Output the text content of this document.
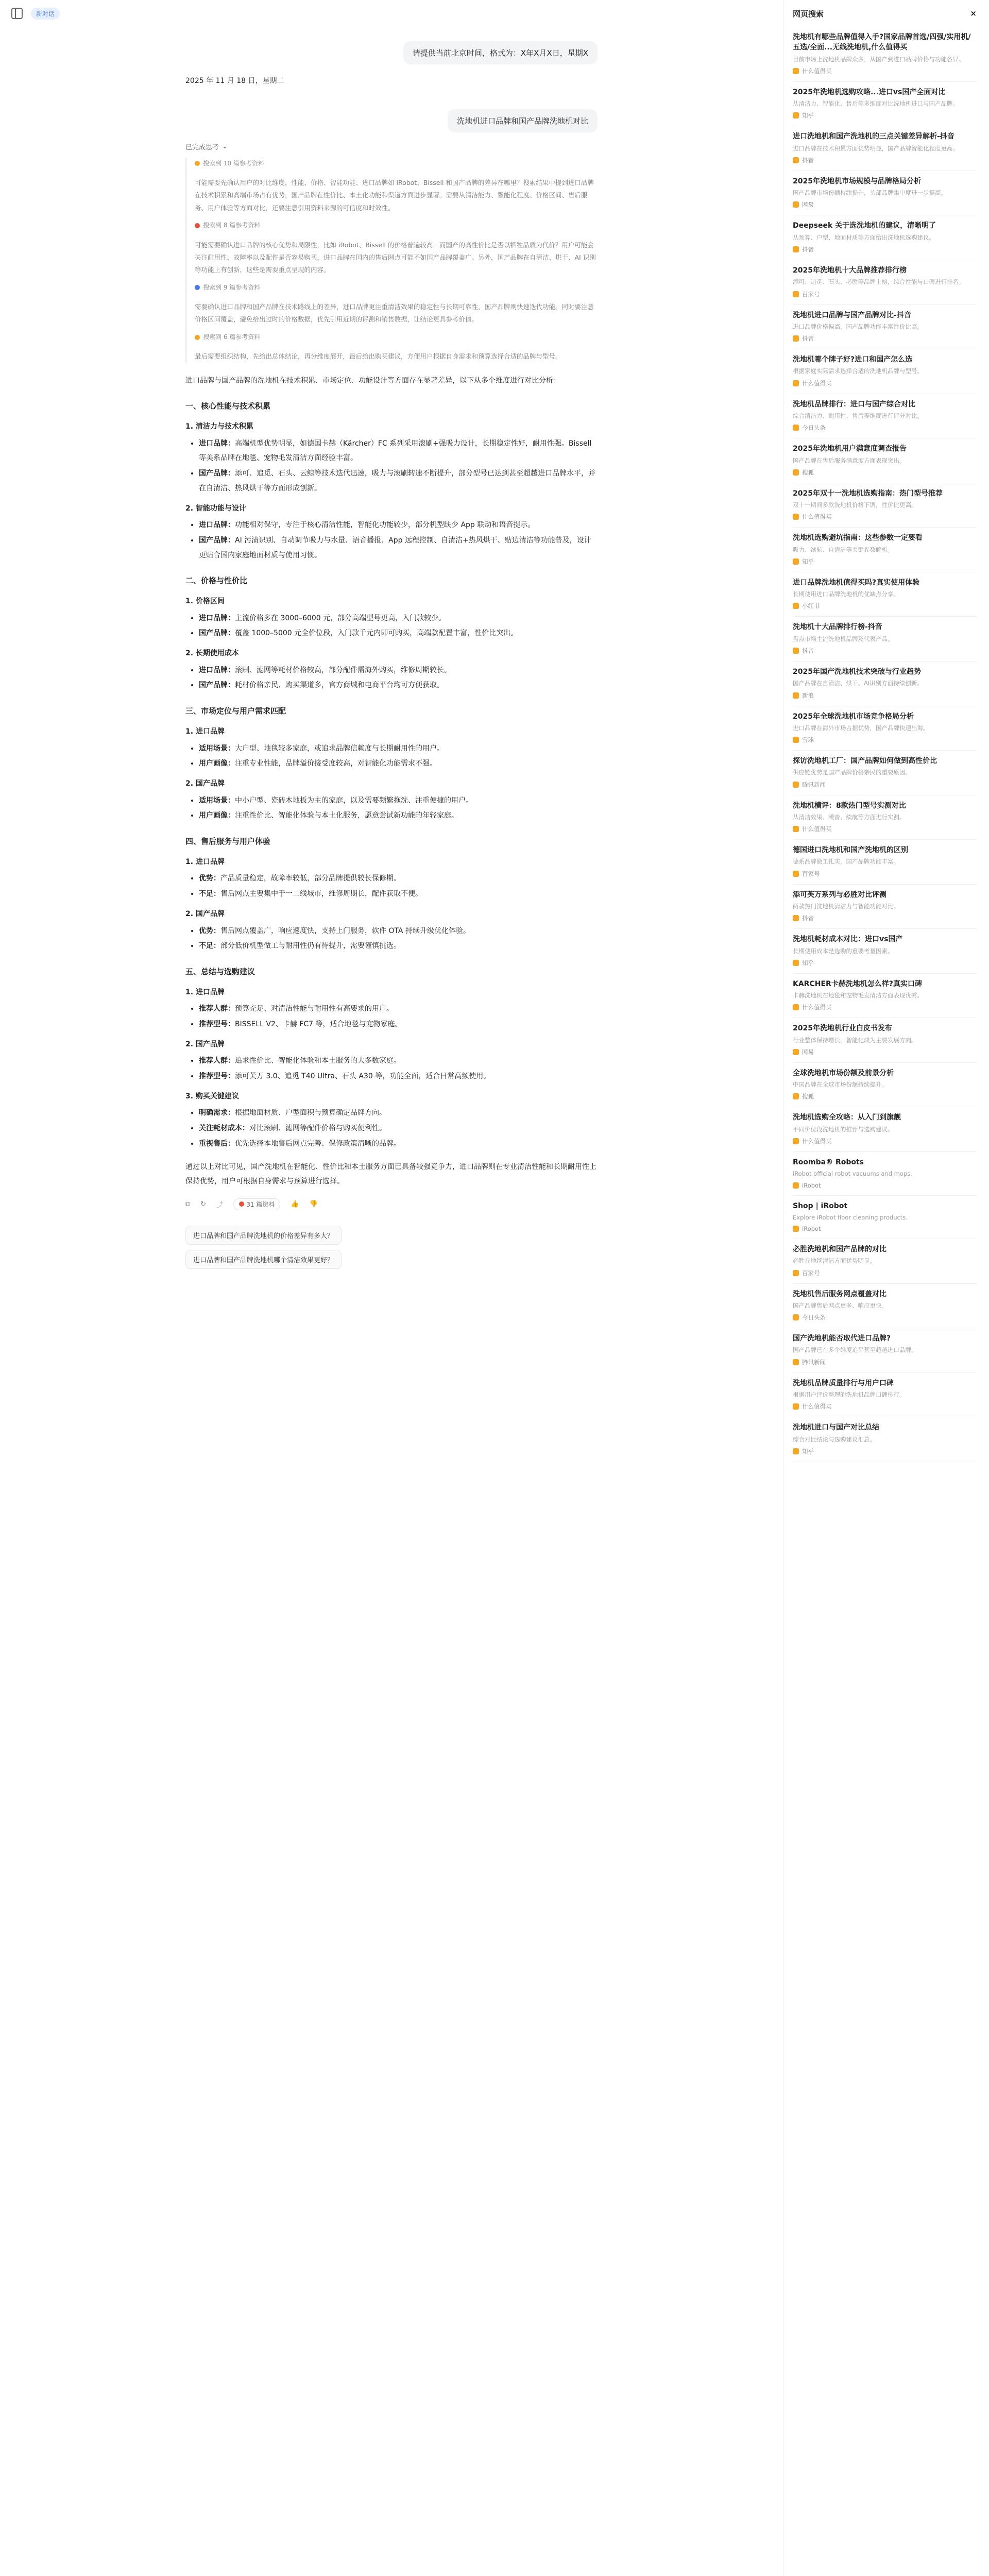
新对话
请提供当前北京时间，格式为：X年X月X日，星期X
2025 年 11 月 18 日，星期二
洗地机进口品牌和国产品牌洗地机对比
已完成思考 ⌄
搜索到 10 篇参考资料

可能需要先确认用户的对比维度，性能、价格、智能功能、进口品牌如 iRobot、Bissell 和国产品牌的差异在哪里？搜索结果中提到进口品牌在技术积累和高端市场占有优势，国产品牌在性价比、本土化功能和渠道方面进步显著。需要从清洁能力、智能化程度、价格区间、售后服务、用户体验等方面对比，还要注意引用资料来源的可信度和时效性。

搜索到 8 篇参考资料

可能需要确认进口品牌的核心优势和局限性，比如 iRobot、Bissell 的价格普遍较高，而国产的高性价比是否以牺牲品质为代价？用户可能会关注耐用性、故障率以及配件是否容易购买，进口品牌在国内的售后网点可能不如国产品牌覆盖广。另外，国产品牌在自清洁、烘干、AI 识别等功能上有创新，这些是需要重点呈现的内容。

搜索到 9 篇参考资料

需要确认进口品牌和国产品牌在技术路线上的差异，进口品牌更注重清洁效果的稳定性与长期可靠性，国产品牌则快速迭代功能。同时要注意价格区间覆盖，避免给出过时的价格数据，优先引用近期的评测和销售数据，让结论更具参考价值。

搜索到 6 篇参考资料

最后需要组织结构，先给出总体结论，再分维度展开，最后给出购买建议，方便用户根据自身需求和预算选择合适的品牌与型号。

进口品牌与国产品牌的洗地机在技术积累、市场定位、功能设计等方面存在显著差异，以下从多个维度进行对比分析：

一、核心性能与技术积累
1. 清洁力与技术积累
• 进口品牌：高端机型优势明显，如德国卡赫（Kärcher）FC 系列采用滚刷+强吸力设计，长期稳定性好，耐用性强。Bissell 等美系品牌在地毯、宠物毛发清洁方面经验丰富。
• 国产品牌：添可、追觅、石头、云鲸等技术迭代迅速，吸力与滚刷转速不断提升，部分型号已达到甚至超越进口品牌水平，并在自清洁、热风烘干等方面形成创新。
2. 智能功能与设计
• 进口品牌：功能相对保守，专注于核心清洁性能，智能化功能较少，部分机型缺少 App 联动和语音提示。
• 国产品牌：AI 污渍识别、自动调节吸力与水量、语音播报、App 远程控制、自清洁+热风烘干、贴边清洁等功能普及，设计更贴合国内家庭地面材质与使用习惯。
二、价格与性价比
1. 价格区间
• 进口品牌：主流价格多在 3000–6000 元，部分高端型号更高，入门款较少。
• 国产品牌：覆盖 1000–5000 元全价位段，入门款千元内即可购买，高端款配置丰富，性价比突出。
2. 长期使用成本
• 进口品牌：滚刷、滤网等耗材价格较高，部分配件需海外购买，维修周期较长。
• 国产品牌：耗材价格亲民、购买渠道多，官方商城和电商平台均可方便获取。
三、市场定位与用户需求匹配
1. 进口品牌
• 适用场景：大户型、地毯较多家庭，或追求品牌信赖度与长期耐用性的用户。
• 用户画像：注重专业性能，品牌溢价接受度较高，对智能化功能需求不强。
2. 国产品牌
• 适用场景：中小户型、瓷砖木地板为主的家庭，以及需要频繁拖洗、注重便捷的用户。
• 用户画像：注重性价比、智能化体验与本土化服务，愿意尝试新功能的年轻家庭。
四、售后服务与用户体验
1. 进口品牌
• 优势：产品质量稳定，故障率较低，部分品牌提供较长保修期。
• 不足：售后网点主要集中于一二线城市，维修周期长，配件获取不便。
2. 国产品牌
• 优势：售后网点覆盖广，响应速度快，支持上门服务，软件 OTA 持续升级优化体验。
• 不足：部分低价机型做工与耐用性仍有待提升，需要谨慎挑选。
五、总结与选购建议
1. 进口品牌
• 推荐人群：预算充足、对清洁性能与耐用性有高要求的用户。
• 推荐型号：BISSELL V2、卡赫 FC7 等，适合地毯与宠物家庭。
2. 国产品牌
• 推荐人群：追求性价比、智能化体验和本土服务的大多数家庭。
• 推荐型号：添可芙万 3.0、追觅 T40 Ultra、石头 A30 等，功能全面，适合日常高频使用。
3. 购买关键建议
• 明确需求：根据地面材质、户型面积与预算确定品牌方向。
• 关注耗材成本：对比滚刷、滤网等配件价格与购买便利性。
• 重视售后：优先选择本地售后网点完善、保修政策清晰的品牌。

通过以上对比可见，国产洗地机在智能化、性价比和本土服务方面已具备较强竞争力，进口品牌则在专业清洁性能和长期耐用性上保持优势，用户可根据自身需求与预算进行选择。

⧉ ↻ ⤴	31 篇资料 👍 👎
进口品牌和国产品牌洗地机的价格差异有多大？
进口品牌和国产品牌洗地机哪个清洁效果更好？
网页搜索	×
洗地机有哪些品牌值得入手?国家品牌首选/四强/实用机/五选/全面...无线洗地机,什么值得买
目前市场上洗地机品牌众多，从国产到进口品牌价格与功能各异。
什么值得买
2025年洗地机选购攻略...进口vs国产全面对比
从清洁力、智能化、售后等多维度对比洗地机进口与国产品牌。
知乎
进口洗地机和国产洗地机的三点关键差异解析-抖音
进口品牌在技术积累方面优势明显，国产品牌智能化程度更高。
抖音
2025年洗地机市场规模与品牌格局分析
国产品牌市场份额持续提升，头部品牌集中度进一步提高。
网易
Deepseek 关于选洗地机的建议，清晰明了
从预算、户型、地面材质等方面给出洗地机选购建议。
抖音
2025年洗地机十大品牌推荐排行榜
添可、追觅、石头、必胜等品牌上榜，综合性能与口碑进行排名。
百家号
洗地机进口品牌与国产品牌对比-抖音
进口品牌价格偏高，国产品牌功能丰富性价比高。
抖音
洗地机哪个牌子好?进口和国产怎么选
根据家庭实际需求选择合适的洗地机品牌与型号。
什么值得买
洗地机品牌排行：进口与国产综合对比
综合清洁力、耐用性、售后等维度进行评分对比。
今日头条
2025年洗地机用户满意度调查报告
国产品牌在售后服务满意度方面表现突出。
搜狐
2025年双十一洗地机选购指南：热门型号推荐
双十一期间多款洗地机价格下调，性价比更高。
什么值得买
洗地机选购避坑指南：这些参数一定要看
吸力、续航、自清洁等关键参数解析。
知乎
进口品牌洗地机值得买吗?真实使用体验
长期使用进口品牌洗地机的优缺点分享。
小红书
洗地机十大品牌排行榜-抖音
盘点市场主流洗地机品牌及代表产品。
抖音
2025年国产洗地机技术突破与行业趋势
国产品牌在自清洁、烘干、AI识别方面持续创新。
新浪
2025年全球洗地机市场竞争格局分析
进口品牌在海外市场占据优势，国产品牌快速出海。
雪球
探访洗地机工厂：国产品牌如何做到高性价比
供应链优势是国产品牌价格亲民的重要原因。
腾讯新闻
洗地机横评：8款热门型号实测对比
从清洁效果、噪音、续航等方面进行实测。
什么值得买
德国进口洗地机和国产洗地机的区别
德系品牌做工扎实，国产品牌功能丰富。
百家号
添可芙万系列与必胜对比评测
两款热门洗地机清洁力与智能功能对比。
抖音
洗地机耗材成本对比：进口vs国产
长期使用成本是选购的重要考量因素。
知乎
KARCHER卡赫洗地机怎么样?真实口碑
卡赫洗地机在地毯和宠物毛发清洁方面表现优秀。
什么值得买
2025年洗地机行业白皮书发布
行业整体保持增长，智能化成为主要发展方向。
网易
全球洗地机市场份额及前景分析
中国品牌在全球市场份额持续提升。
搜狐
洗地机选购全攻略：从入门到旗舰
不同价位段洗地机的推荐与选购建议。
什么值得买
Roomba® Robots
iRobot official robot vacuums and mops.
iRobot
Shop | iRobot
Explore iRobot floor cleaning products.
iRobot
必胜洗地机和国产品牌的对比
必胜在地毯清洁方面优势明显。
百家号
洗地机售后服务网点覆盖对比
国产品牌售后网点更多、响应更快。
今日头条
国产洗地机能否取代进口品牌?
国产品牌已在多个维度追平甚至超越进口品牌。
腾讯新闻
洗地机品牌质量排行与用户口碑
根据用户评价整理的洗地机品牌口碑排行。
什么值得买
洗地机进口与国产对比总结
综合对比结论与选购建议汇总。
知乎
